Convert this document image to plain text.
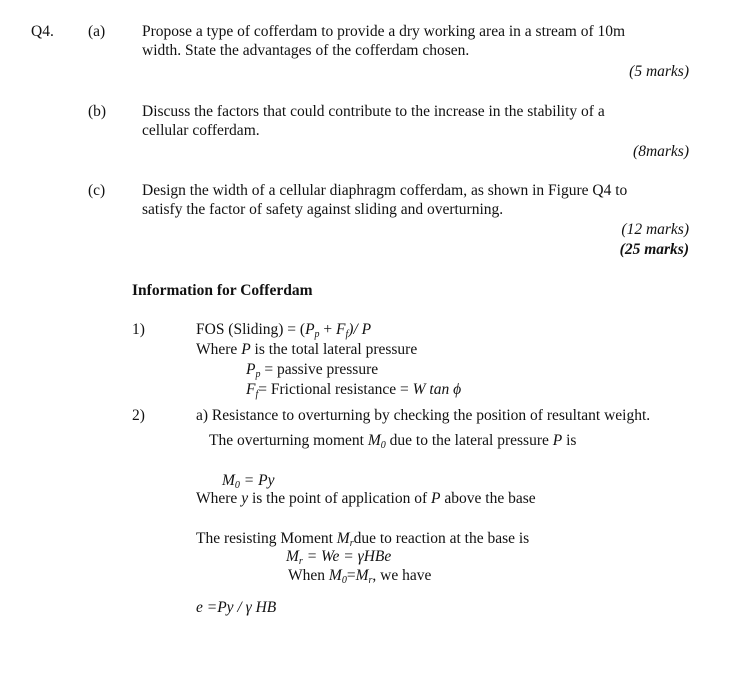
Q4. (a) Propose a type of cofferdam to provide a dry working area in a stream of 10m
width. State the advantages of the cofferdam chosen.
(5 marks)
(b) Discuss the factors that could contribute to the increase in the stability of a
cellular cofferdam.
(8marks)
(c) Design the width of a cellular diaphragm cofferdam, as shown in Figure Q4 to
satisfy the factor of safety against sliding and overturning.
(12 marks)
(25 marks)
Information for Cofferdam
1)	FOS (Sliding) = $(P_p + F_f)/$ P
Where P is the total lateral pressure
$P_p$ = passive pressure
$F_f=$ Frictional resistance = W tan ϕ
2)	a) Resistance to overturning by checking the position of resultant weight.
The overturning moment $M_0$ due to the lateral pressure P is
$M_0 = Py$
Where y is the point of application of P above the base
The resisting Moment $M_rdue$ to reaction at the base is
$M_r = We = \gamma HBe$
When $M_0=M_r$, we have
e =Py / γ HB
